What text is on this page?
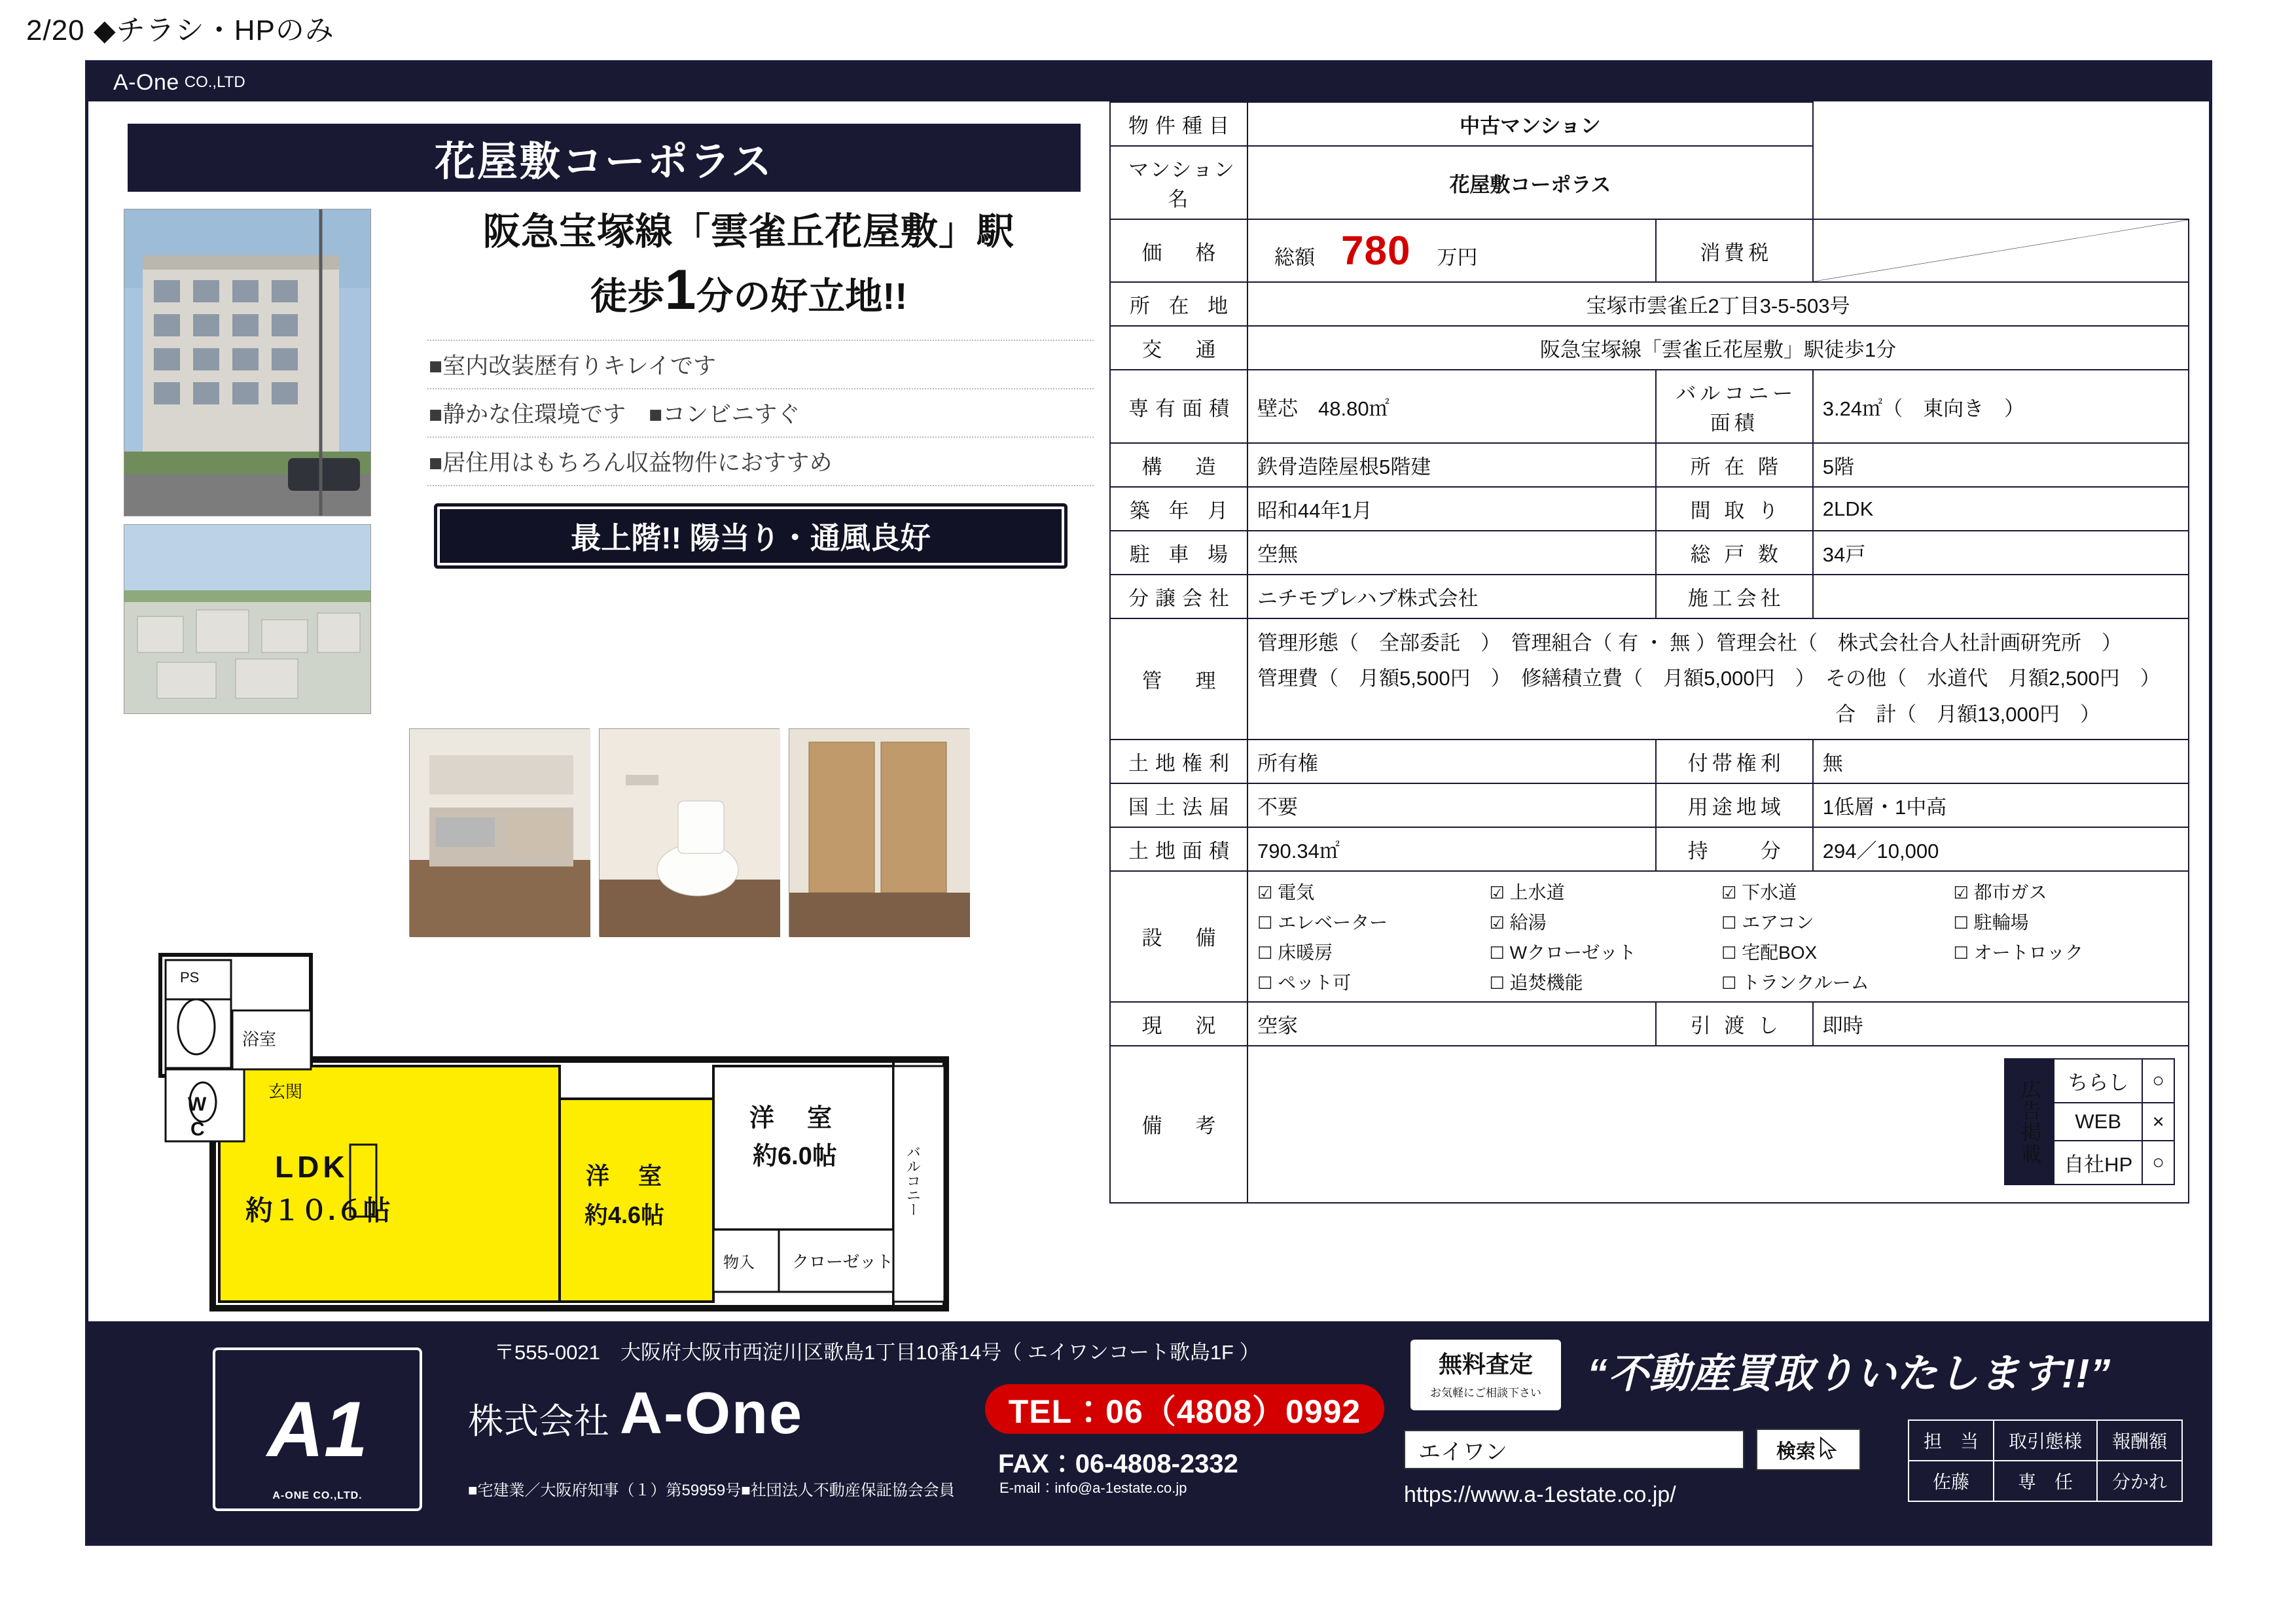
2/20 ◆チラシ・HPのみ
A-One CO.,LTD
花屋敷コーポラス
阪急宝塚線「雲雀丘花屋敷」駅
徒歩1分の好立地!!
■室内改装歴有りキレイです
■静かな住環境です　■コンビニすぐ
■居住用はもちろん収益物件におすすめ
最上階!! 陽当り・通風良好
PS
浴室
玄関
W
C
LDK
約１０.６帖
洋　室
約4.6帖
洋　室
約6.0帖
物入 クローゼット
バルコニー
物件種目	中古マンション
マンション名	花屋敷コーポラス
価　格	総額 780 万円	消費税	

所 在 地	宝塚市雲雀丘2丁目3-5-503号
交　通	阪急宝塚線「雲雀丘花屋敷」駅徒歩1分
専有面積	壁芯　48.80㎡	バルコニー面積	3.24㎡（　東向き　）
構　造	鉄骨造陸屋根5階建	所 在 階	5階
築 年 月	昭和44年1月	間 取 り	2LDK
駐 車 場	空無	総 戸 数	34戸
分譲会社	ニチモプレハブ株式会社	施工会社	
管　理	
管理形態（　全部委託　）　管理組合（ 有 ・ 無 ）管理会社（　株式会社合人社計画研究所　）
管理費（　月額5,500円　）　修繕積立費（　月額5,000円　）　その他（　水道代　月額2,500円　）
合　計（　月額13,000円　）

土地権利	所有権	付帯権利	無
国土法届	不要	用途地域	1低層・1中高
土地面積	790.34㎡	持　　分	294／10,000
設　備	
☑ 電気	☑ 上水道	☑ 下水道	☑ 都市ガス
☐ エレベーター	☑ 給湯	☐ エアコン	☐ 駐輪場
☐ 床暖房	☐ Wクローゼット	☐ 宅配BOX	☐ オートロック
☐ ペット可	☐ 追焚機能	☐ トランクルーム

現　況	空家	引 渡 し	即時
備　考		広告掲載	ちらし	○
WEB	×
自社HP	○
〒555-0021　大阪府大阪市西淀川区歌島1丁目10番14号（ エイワンコート歌島1F ）
A1
A-ONE CO.,LTD.
株式会社 A-One
■宅建業／大阪府知事（１）第59959号■社団法人不動産保証協会会員
TEL：06（4808）0992
FAX：06-4808-2332
E-mail：info@a-1estate.co.jp
無料査定
お気軽にご相談下さい	“不動産買取りいたします!!”
エイワン	検索
https://www.a-1estate.co.jp/
担　当	取引態様	報酬額
佐藤	専　任	分かれ
